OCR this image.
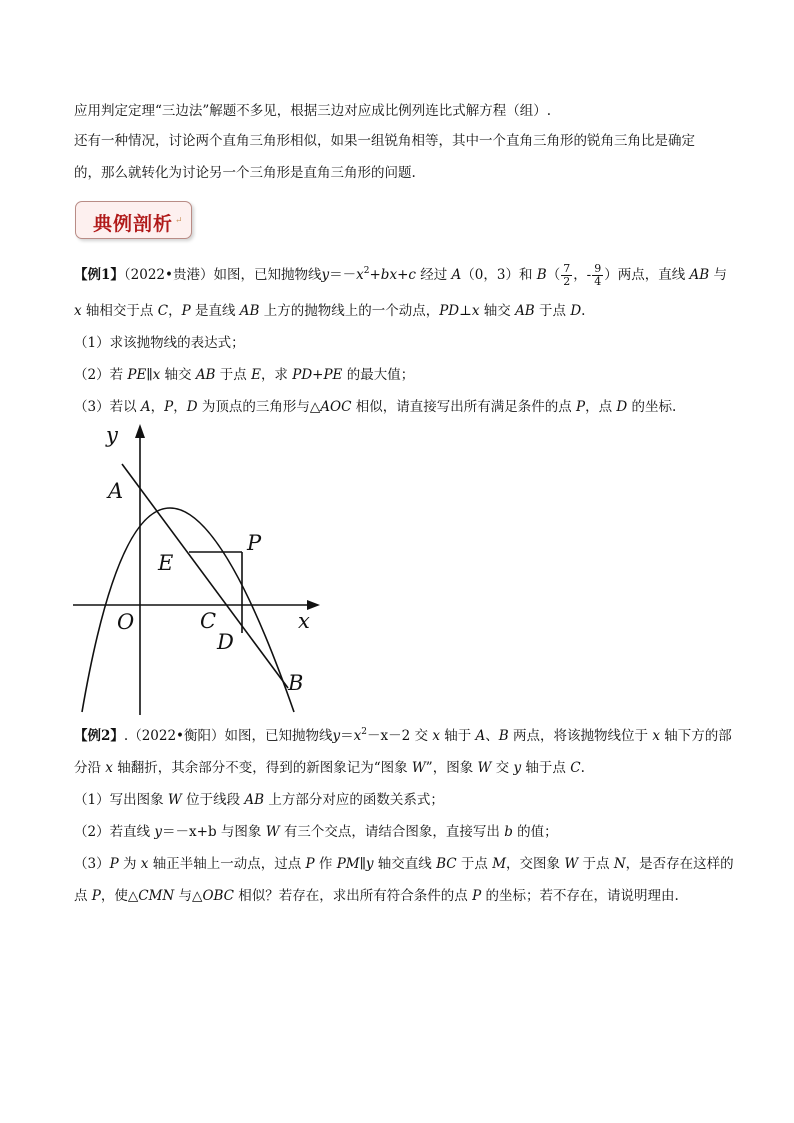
应用判定定理“三边法”解题不多见，根据三边对应成比例列连比式解方程（组）.
还有一种情况，讨论两个直角三角形相似，如果一组锐角相等，其中一个直角三角形的锐角三角比是确定
的，那么就转化为讨论另一个三角形是直角三角形的问题.
典例剖析 ↵
【例1】（2022•贵港）如图，已知抛物线$y=-x^2+bx+c$ 经过 A（0，3）和 $B( \frac{7}{2}$ ，- $\frac{9}{4}$ ）两点，直线 AB 与
x 轴相交于点 C，P 是直线 AB 上方的抛物线上的一个动点，PD⊥x 轴交 AB 于点 D.
（1）求该抛物线的表达式；
（2）若 PE∥x 轴交 AB 于点 E，求 PD+PE 的最大值；
（3）若以 A，P，D 为顶点的三角形与△AOC 相似，请直接写出所有满足条件的点 P，点 D 的坐标.
y
x
A
O
E
P
C
D
B
【例2】.（2022•衡阳）如图，已知抛物线$y=x^2-x-2$ 交 x 轴于 A、B 两点，将该抛物线位于 x 轴下方的部
分沿 x 轴翻折，其余部分不变，得到的新图象记为“图象 W”，图象 W 交 y 轴于点 C.
（1）写出图象 W 位于线段 AB 上方部分对应的函数关系式；
（2）若直线 y＝－x+b 与图象 W 有三个交点，请结合图象，直接写出 b 的值；
（3）P 为 x 轴正半轴上一动点，过点 P 作 PM∥y 轴交直线 BC 于点 M，交图象 W 于点 N，是否存在这样的
点 P，使△CMN 与△OBC 相似？若存在，求出所有符合条件的点 P 的坐标；若不存在，请说明理由.
